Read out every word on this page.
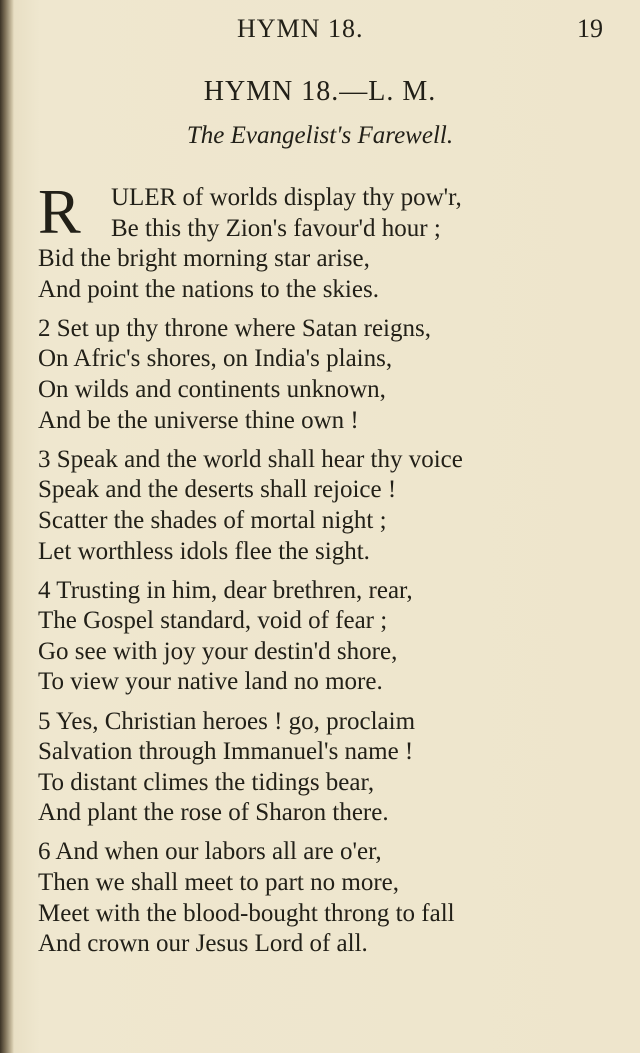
HYMN 18.	19
HYMN 18.—L. M.
The Evangelist's Farewell.
R ULER of worlds display thy pow'r,
Be this thy Zion's favour'd hour ;
Bid the bright morning star arise,
And point the nations to the skies.
2 Set up thy throne where Satan reigns,
On Afric's shores, on India's plains,
On wilds and continents unknown,
And be the universe thine own !
3 Speak and the world shall hear thy voice
Speak and the deserts shall rejoice !
Scatter the shades of mortal night ;
Let worthless idols flee the sight.
4 Trusting in him, dear brethren, rear,
The Gospel standard, void of fear ;
Go see with joy your destin'd shore,
To view your native land no more.
5 Yes, Christian heroes ! go, proclaim
Salvation through Immanuel's name !
To distant climes the tidings bear,
And plant the rose of Sharon there.
6 And when our labors all are o'er,
Then we shall meet to part no more,
Meet with the blood-bought throng to fall
And crown our Jesus Lord of all.
